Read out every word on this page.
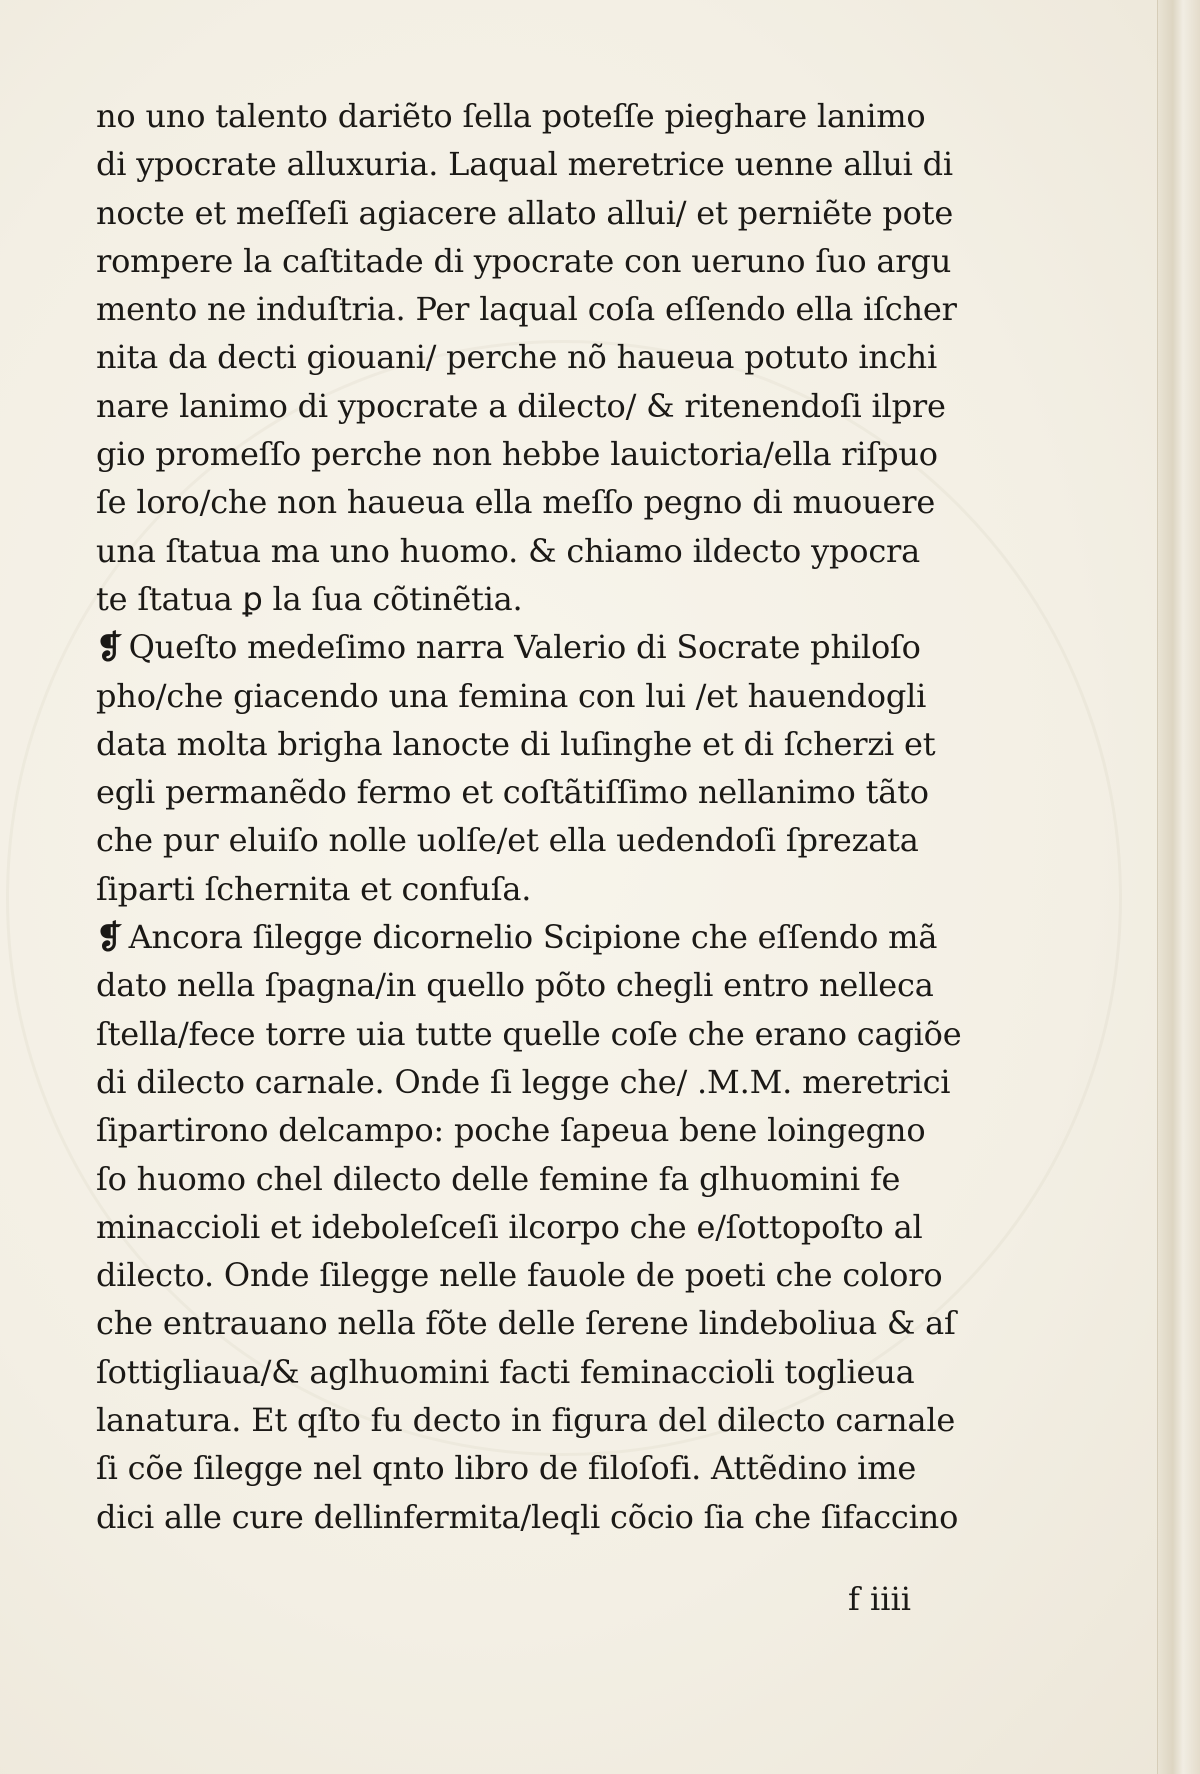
no uno talento dariẽto ſella poteſſe pieghare lanimo
di ypocrate alluxuria. Laqual meretrice uenne allui di
nocte et meſſeſi agiacere allato allui/ et perniẽte pote
rompere la caſtitade di ypocrate con ueruno ſuo argu
mento ne induſtria. Per laqual coſa eſſendo ella iſcher
nita da decti giouani/ perche nõ haueua potuto inchi
nare lanimo di ypocrate a dilecto/ & ritenendoſi ilpre
gio promeſſo perche non hebbe lauictoria/ella riſpuo
ſe loro/che non haueua ella meſſo pegno di muouere
una ſtatua ma uno huomo. & chiamo ildecto ypocra
te ſtatua ꝑ la ſua cõtinẽtia.
❡ Queſto medeſimo narra Valerio di Socrate philoſo
pho/che giacendo una femina con lui /et hauendogli
data molta brigha lanocte di luſinghe et di ſcherzi et
egli permanẽdo fermo et coſtãtiſſimo nellanimo tãto
che pur eluiſo nolle uolſe/et ella uedendoſi ſprezata
ſiparti ſchernita et confuſa.
❡ Ancora ſilegge dicornelio Scipione che eſſendo mã
dato nella ſpagna/in quello põto chegli entro nelleca
ſtella/fece torre uia tutte quelle coſe che erano cagiõe
di dilecto carnale. Onde ſi legge che/ .M.M. meretrici
ſipartirono delcampo: poche ſapeua bene loingegno
ſo huomo chel dilecto delle femine fa glhuomini fe
minaccioli et ideboleſceſi ilcorpo che e/ſottopoſto al
dilecto. Onde ſilegge nelle fauole de poeti che coloro
che entrauano nella fõte delle ſerene lindeboliua & aſ
ſottigliaua/& aglhuomini facti feminaccioli toglieua
lanatura. Et qſto fu decto in figura del dilecto carnale
ſi cõe ſilegge nel qnto libro de filoſofi. Attẽdino ime
dici alle cure dellinfermita/leqli cõcio ſia che ſifaccino
f iiii
